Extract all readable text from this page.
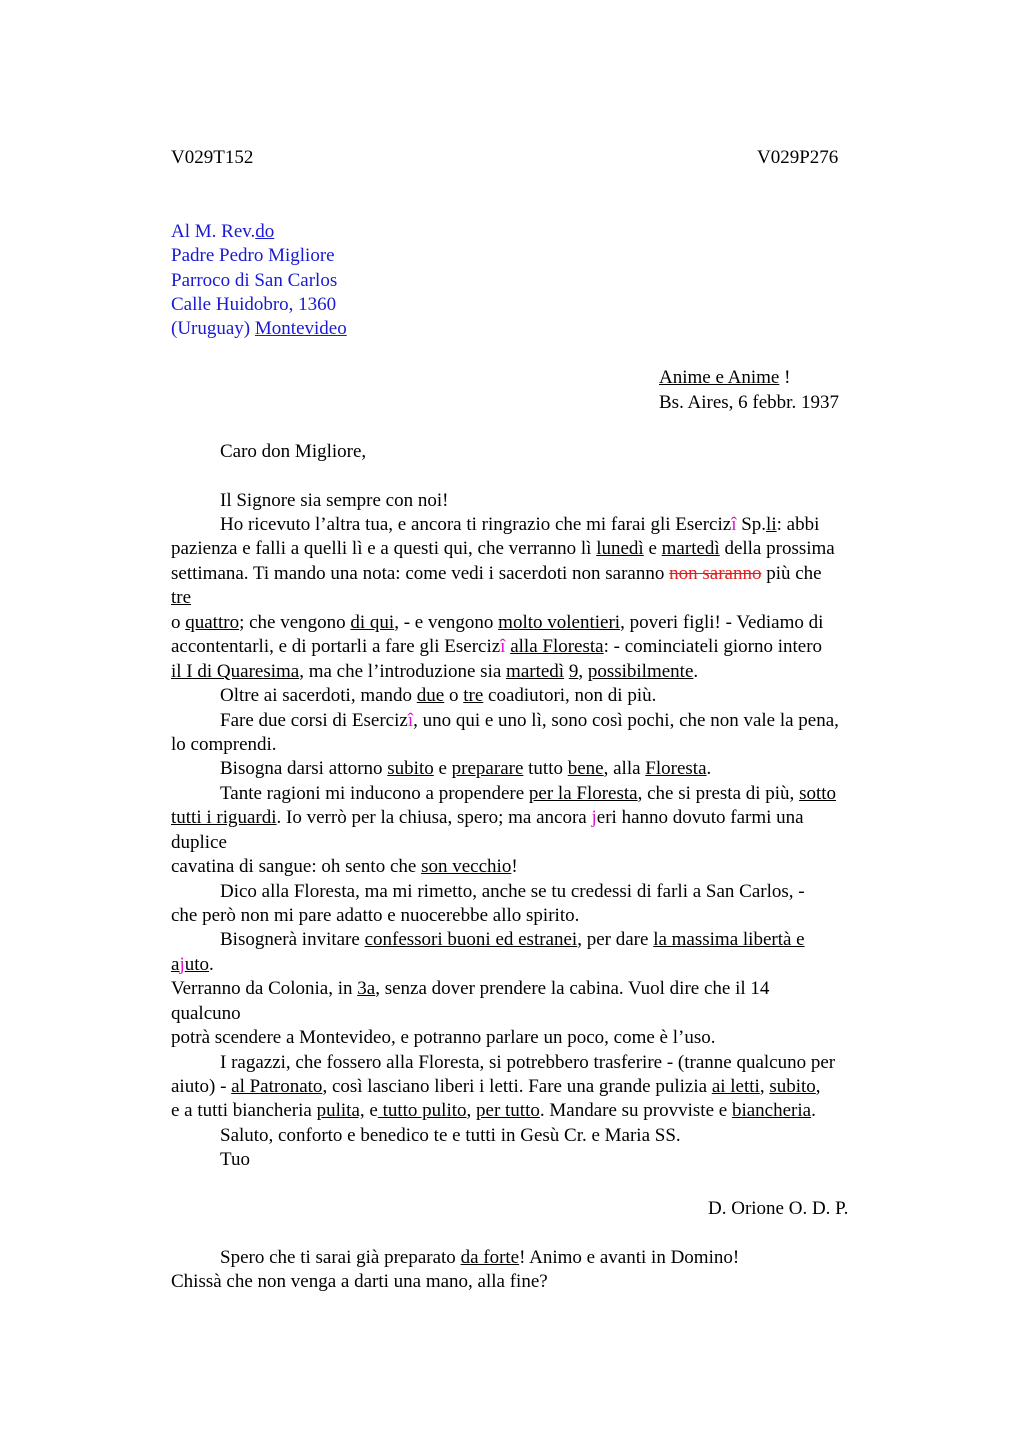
V029T152	V029P276
Al M. Rev.do
Padre Pedro Migliore
Parroco di San Carlos
Calle Huidobro, 1360
(Uruguay) Montevideo
Anime e Anime !
Bs. Aires, 6 febbr. 1937
Caro don Migliore,
Il Signore sia sempre con noi!
Ho ricevuto l’altra tua, e ancora ti ringrazio che mi farai gli Esercizî Sp.li: abbi
pazienza e falli a quelli lì e a questi qui, che verranno lì lunedì e martedì della prossima
settimana. Ti mando una nota: come vedi i sacerdoti non saranno non saranno più che
tre
o quattro; che vengono di qui, - e vengono molto volentieri, poveri figli! - Vediamo di
accontentarli, e di portarli a fare gli Esercizî alla Floresta: - cominciateli giorno intero
il I di Quaresima, ma che l’introduzione sia martedì 9, possibilmente.
Oltre ai sacerdoti, mando due o tre coadiutori, non di più.
Fare due corsi di Esercizî, uno qui e uno lì, sono così pochi, che non vale la pena,
lo comprendi.
Bisogna darsi attorno subito e preparare tutto bene, alla Floresta.
Tante ragioni mi inducono a propendere per la Floresta, che si presta di più, sotto
tutti i riguardi. Io verrò per la chiusa, spero; ma ancora jeri hanno dovuto farmi una
duplice
cavatina di sangue: oh sento che son vecchio!
Dico alla Floresta, ma mi rimetto, anche se tu credessi di farli a San Carlos, -
che però non mi pare adatto e nuocerebbe allo spirito.
Bisognerà invitare confessori buoni ed estranei, per dare la massima libertà e
ajuto.
Verranno da Colonia, in 3a, senza dover prendere la cabina. Vuol dire che il 14
qualcuno
potrà scendere a Montevideo, e potranno parlare un poco, come è l’uso.
I ragazzi, che fossero alla Floresta, si potrebbero trasferire - (tranne qualcuno per
aiuto) - al Patronato, così lasciano liberi i letti. Fare una grande pulizia ai letti, subito,
e a tutti biancheria pulita, e tutto pulito, per tutto. Mandare su provviste e biancheria.
Saluto, conforto e benedico te e tutti in Gesù Cr. e Maria SS.
Tuo
D. Orione O. D. P.
Spero che ti sarai già preparato da forte! Animo e avanti in Domino!
Chissà che non venga a darti una mano, alla fine?
